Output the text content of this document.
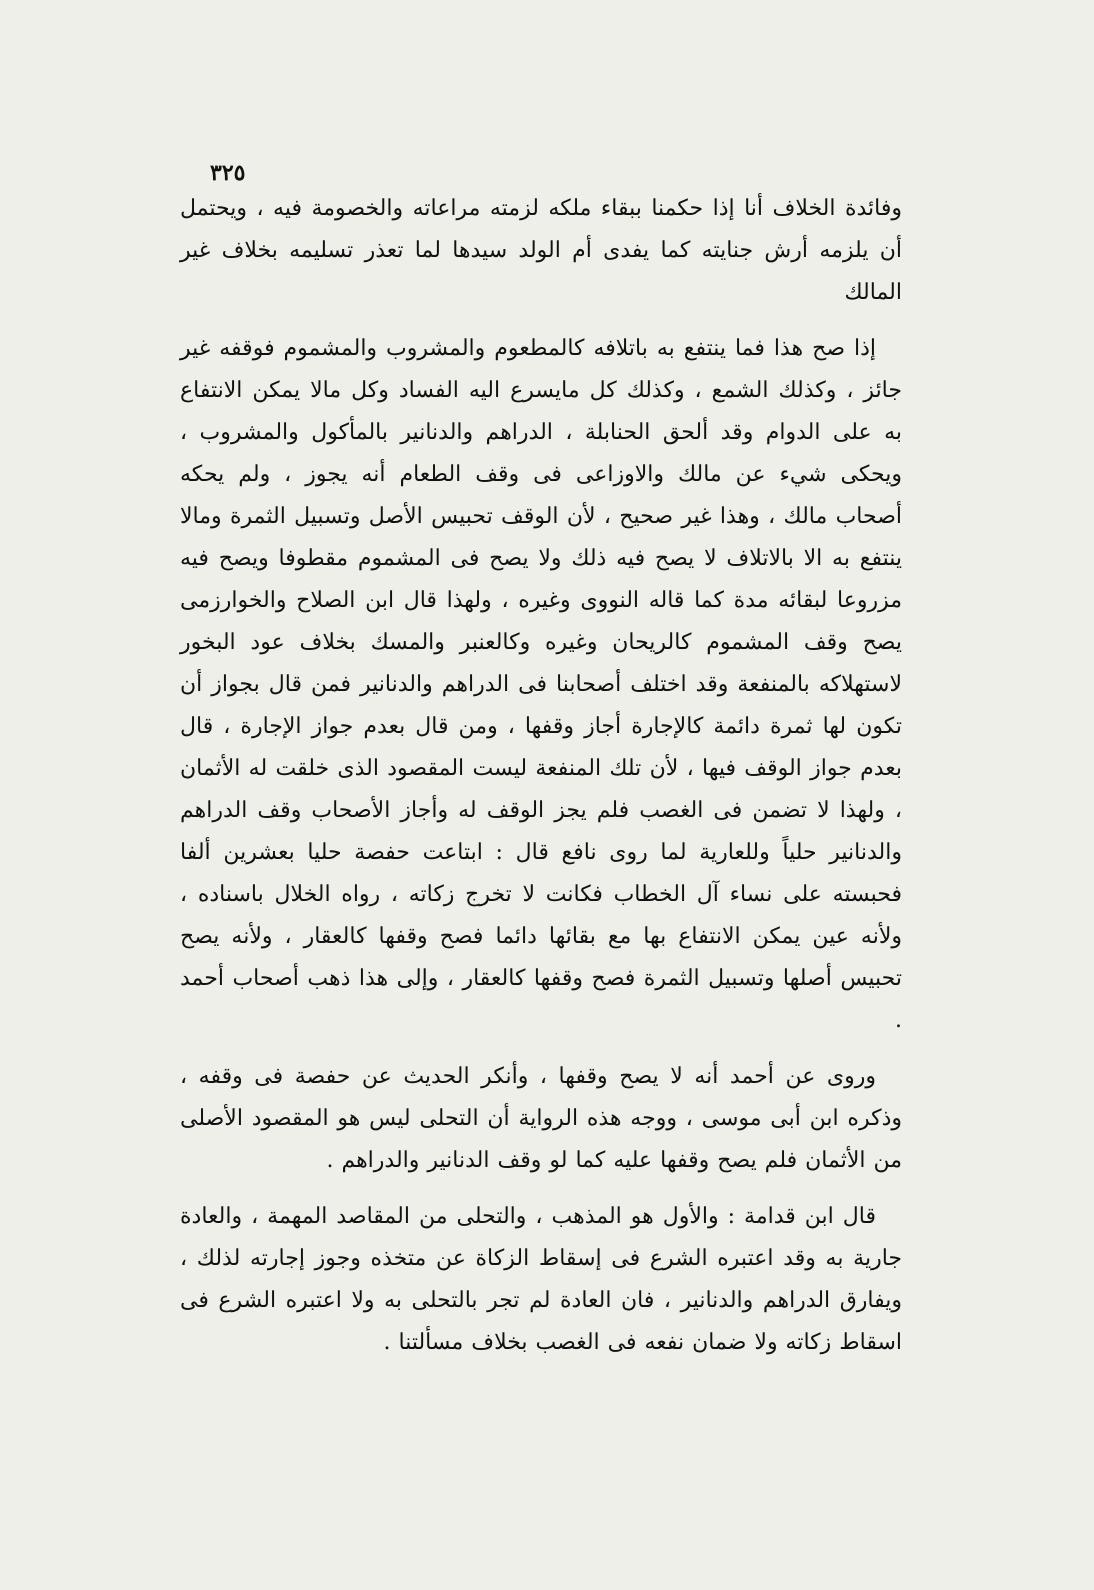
٣٢٥

وفائدة الخلاف أنا إذا حكمنا ببقاء ملكه لزمته مراعاته والخصومة فيه ، ويحتمل أن يلزمه أرش جنايته كما يفدى أم الولد سيدها لما تعذر تسليمه بخلاف غير المالك

إذا صح هذا فما ينتفع به باتلافه كالمطعوم والمشروب والمشموم فوقفه غير جائز ، وكذلك الشمع ، وكذلك كل مايسرع اليه الفساد وكل مالا يمكن الانتفاع به على الدوام وقد ألحق الحنابلة ، الدراهم والدنانير بالمأكول والمشروب ، ويحكى شيء عن مالك والاوزاعى فى وقف الطعام أنه يجوز ، ولم يحكه أصحاب مالك ، وهذا غير صحيح ، لأن الوقف تحبيس الأصل وتسبيل الثمرة ومالا ينتفع به الا بالاتلاف لا يصح فيه ذلك ولا يصح فى المشموم مقطوفا ويصح فيه مزروعا لبقائه مدة كما قاله النووى وغيره ، ولهذا قال ابن الصلاح والخوارزمى يصح وقف المشموم كالريحان وغيره وكالعنبر والمسك بخلاف عود البخور لاستهلاكه بالمنفعة وقد اختلف أصحابنا فى الدراهم والدنانير فمن قال بجواز أن تكون لها ثمرة دائمة كالإجارة أجاز وقفها ، ومن قال بعدم جواز الإجارة ، قال بعدم جواز الوقف فيها ، لأن تلك المنفعة ليست المقصود الذى خلقت له الأثمان ، ولهذا لا تضمن فى الغصب فلم يجز الوقف له وأجاز الأصحاب وقف الدراهم والدنانير حلياً وللعارية لما روى نافع قال : ابتاعت حفصة حليا بعشرين ألفا فحبسته على نساء آل الخطاب فكانت لا تخرج زكاته ، رواه الخلال باسناده ، ولأنه عين يمكن الانتفاع بها مع بقائها دائما فصح وقفها كالعقار ، ولأنه يصح تحبيس أصلها وتسبيل الثمرة فصح وقفها كالعقار ، وإلى هذا ذهب أصحاب أحمد .

وروى عن أحمد أنه لا يصح وقفها ، وأنكر الحديث عن حفصة فى وقفه ، وذكره ابن أبى موسى ، ووجه هذه الرواية أن التحلى ليس هو المقصود الأصلى من الأثمان فلم يصح وقفها عليه كما لو وقف الدنانير والدراهم .

قال ابن قدامة : والأول هو المذهب ، والتحلى من المقاصد المهمة ، والعادة جارية به وقد اعتبره الشرع فى إسقاط الزكاة عن متخذه وجوز إجارته لذلك ، ويفارق الدراهم والدنانير ، فان العادة لم تجر بالتحلى به ولا اعتبره الشرع فى اسقاط زكاته ولا ضمان نفعه فى الغصب بخلاف مسألتنا .
